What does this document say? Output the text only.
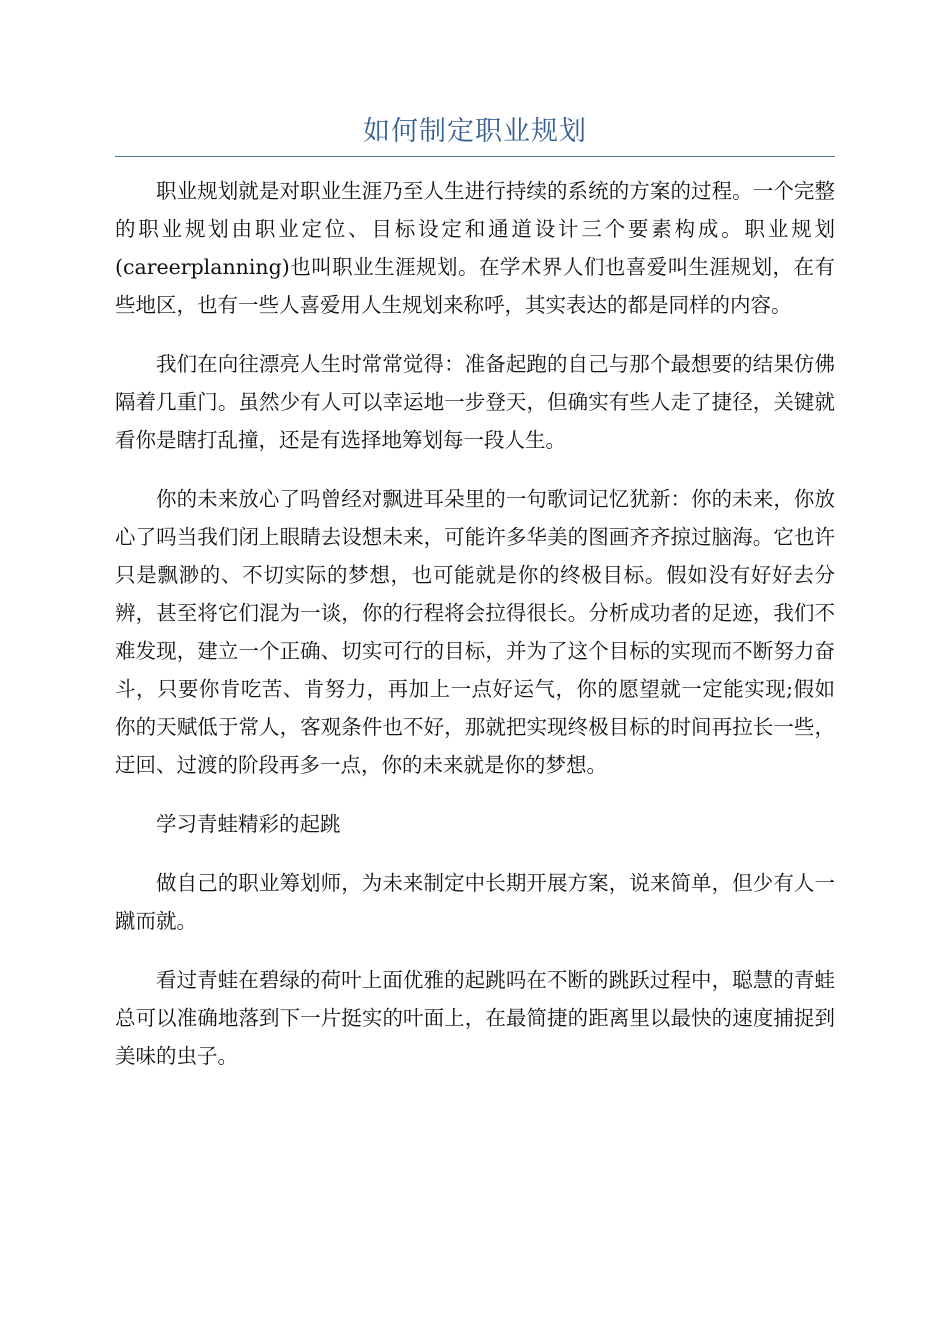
如何制定职业规划

职业规划就是对职业生涯乃至人生进行持续的系统的方案的过程。一个完整的职业规划由职业定位、目标设定和通道设计三个要素构成。职业规划(careerplanning)也叫职业生涯规划。在学术界人们也喜爱叫生涯规划，在有些地区，也有一些人喜爱用人生规划来称呼，其实表达的都是同样的内容。

我们在向往漂亮人生时常常觉得：准备起跑的自己与那个最想要的结果仿佛隔着几重门。虽然少有人可以幸运地一步登天，但确实有些人走了捷径，关键就看你是瞎打乱撞，还是有选择地筹划每一段人生。

你的未来放心了吗曾经对飘进耳朵里的一句歌词记忆犹新：你的未来，你放心了吗当我们闭上眼睛去设想未来，可能许多华美的图画齐齐掠过脑海。它也许只是飘渺的、不切实际的梦想，也可能就是你的终极目标。假如没有好好去分辨，甚至将它们混为一谈，你的行程将会拉得很长。分析成功者的足迹，我们不难发现，建立一个正确、切实可行的目标，并为了这个目标的实现而不断努力奋斗，只要你肯吃苦、肯努力，再加上一点好运气，你的愿望就一定能实现;假如你的天赋低于常人，客观条件也不好，那就把实现终极目标的时间再拉长一些，迂回、过渡的阶段再多一点，你的未来就是你的梦想。

学习青蛙精彩的起跳

做自己的职业筹划师，为未来制定中长期开展方案，说来简单，但少有人一蹴而就。

看过青蛙在碧绿的荷叶上面优雅的起跳吗在不断的跳跃过程中，聪慧的青蛙总可以准确地落到下一片挺实的叶面上，在最简捷的距离里以最快的速度捕捉到美味的虫子。
